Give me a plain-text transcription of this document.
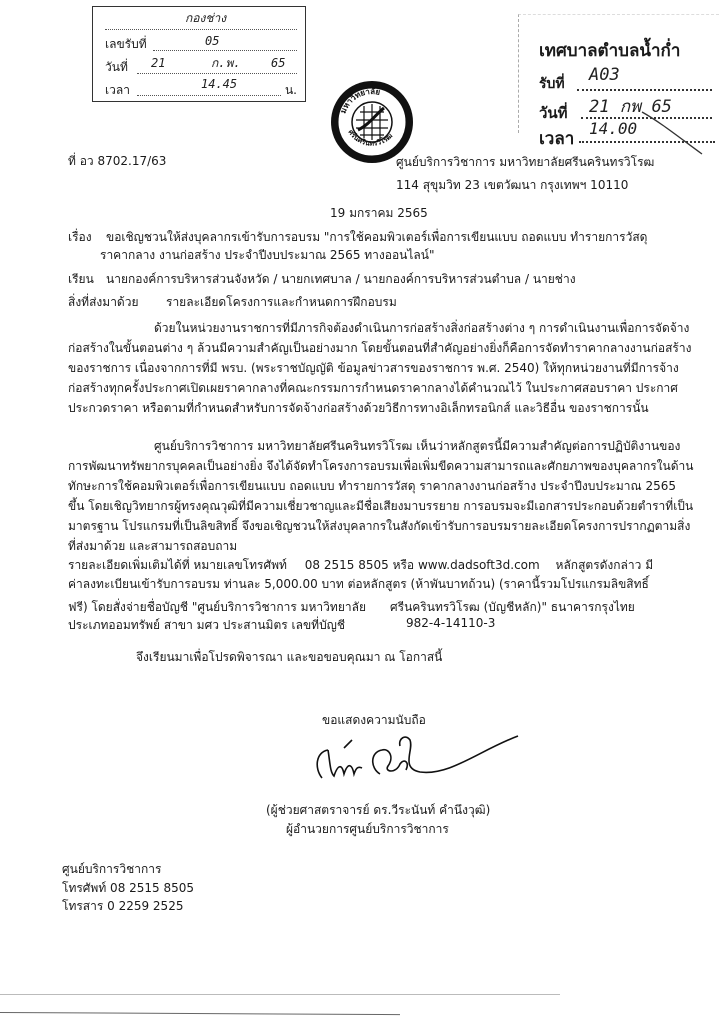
กองช่าง
เลขรับที่	05
วันที่ 21	ก.พ.	65
เวลา	14.45	น.
เทศบาลตำบลน้ำก่ำ
รับที่ A03
วันที่ 21 กพ 65
เวลา
14.00
มหาวิทยาลัย
ศรีนครินทรวิโรฒ
ที่ อว 8702.17/63	ศูนย์บริการวิชาการ มหาวิทยาลัยศรีนครินทรวิโรฒ
114 สุขุมวิท 23 เขตวัฒนา กรุงเทพฯ 10110
19 มกราคม 2565
เรื่อง ขอเชิญชวนให้ส่งบุคลากรเข้ารับการอบรม "การใช้คอมพิวเตอร์เพื่อการเขียนแบบ ถอดแบบ ทำรายการวัสดุ
ราคากลาง งานก่อสร้าง ประจำปีงบประมาณ 2565 ทางออนไลน์"
เรียน นายกองค์การบริหารส่วนจังหวัด / นายกเทศบาล / นายกองค์การบริหารส่วนตำบล / นายช่าง
สิ่งที่ส่งมาด้วย รายละเอียดโครงการและกำหนดการฝึกอบรม
ด้วยในหน่วยงานราชการที่มีภารกิจต้องดำเนินการก่อสร้างสิ่งก่อสร้างต่าง ๆ การดำเนินงานเพื่อการจัดจ้าง ก่อสร้างในขั้นตอนต่าง ๆ ล้วนมีความสำคัญเป็นอย่างมาก โดยขั้นตอนที่สำคัญอย่างยิ่งก็คือการจัดทำราคากลางงานก่อสร้างของราชการ เนื่องจากการที่มี พรบ. (พระราชบัญญัติ ข้อมูลข่าวสารของราชการ พ.ศ. 2540) ให้ทุกหน่วยงานที่มีการจ้างก่อสร้างทุกครั้งประกาศเปิดเผยราคากลางที่คณะกรรมการกำหนดราคากลางได้คำนวณไว้ ในประกาศสอบราคา ประกาศประกวดราคา หรือตามที่กำหนดสำหรับการจัดจ้างก่อสร้างด้วยวิธีการทางอิเล็กทรอนิกส์ และวิธีอื่น ของราชการนั้น
ศูนย์บริการวิชาการ มหาวิทยาลัยศรีนครินทรวิโรฒ เห็นว่าหลักสูตรนี้มีความสำคัญต่อการปฏิบัติงานของการพัฒนาทรัพยากรบุคคลเป็นอย่างยิ่ง จึงได้จัดทำโครงการอบรมเพื่อเพิ่มขีดความสามารถและศักยภาพของบุคลากรในด้านทักษะการใช้คอมพิวเตอร์เพื่อการเขียนแบบ ถอดแบบ ทำรายการวัสดุ ราคากลางงานก่อสร้าง ประจำปีงบประมาณ 2565 ขึ้น โดยเชิญวิทยากรผู้ทรงคุณวุฒิที่มีความเชี่ยวชาญและมีชื่อเสียงมาบรรยาย การอบรมจะมีเอกสารประกอบด้วยตำราที่เป็นมาตรฐาน โปรแกรมที่เป็นลิขสิทธิ์ จึงขอเชิญชวนให้ส่งบุคลากรในสังกัดเข้ารับการอบรมรายละเอียดโครงการปรากฏตามสิ่งที่ส่งมาด้วย และสามารถสอบถาม
รายละเอียดเพิ่มเติมได้ที่ หมายเลขโทรศัพท์ 08 2515 8505 หรือ www.dadsoft3d.com หลักสูตรดังกล่าว มี
ค่าลงทะเบียนเข้ารับการอบรม ท่านละ 5,000.00 บาท ต่อหลักสูตร (ห้าพันบาทถ้วน) (ราคานี้รวมโปรแกรมลิขสิทธิ์
ฟรี) โดยสั่งจ่ายชื่อบัญชี "ศูนย์บริการวิชาการ มหาวิทยาลัย ศรีนครินทรวิโรฒ (บัญชีหลัก)" ธนาคารกรุงไทย
ประเภทออมทรัพย์ สาขา มศว ประสานมิตร เลขที่บัญชี	982-4-14110-3
จึงเรียนมาเพื่อโปรดพิจารณา และขอขอบคุณมา ณ โอกาสนี้
ขอแสดงความนับถือ
(ผู้ช่วยศาสตราจารย์ ดร.วีระนันท์ คำนึงวุฒิ)
ผู้อำนวยการศูนย์บริการวิชาการ
ศูนย์บริการวิชาการ
โทรศัพท์ 08 2515 8505
โทรสาร 0 2259 2525
